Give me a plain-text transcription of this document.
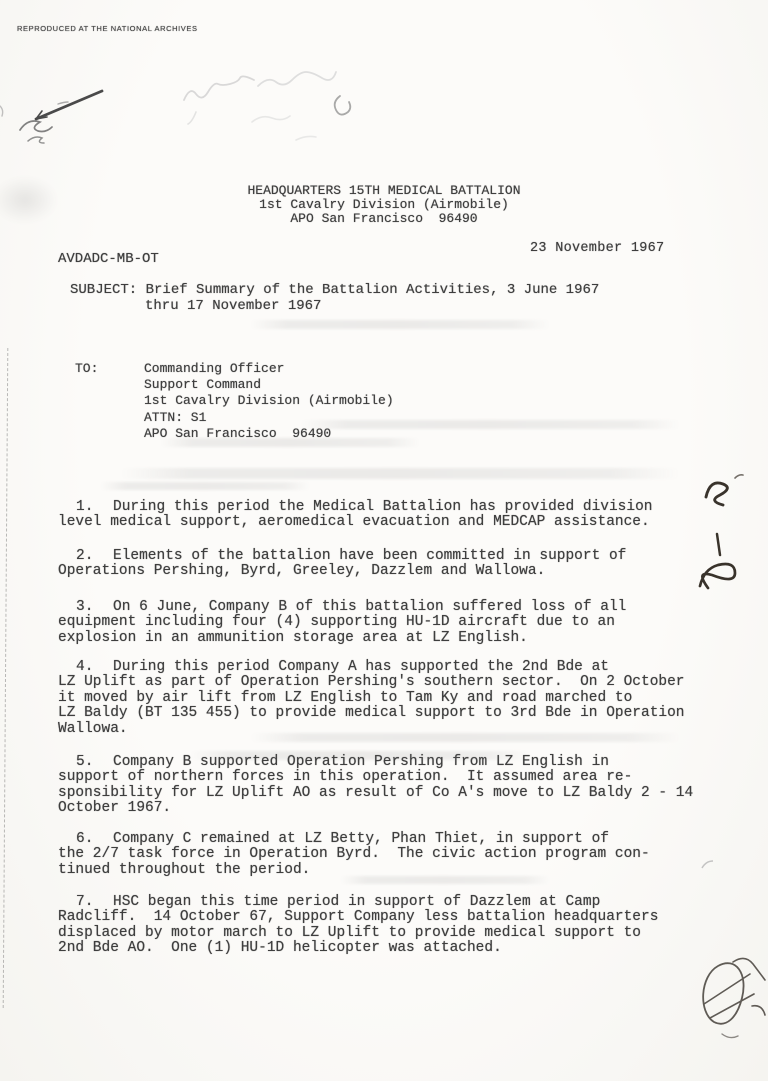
REPRODUCED AT THE NATIONAL ARCHIVES
HEADQUARTERS 15TH MEDICAL BATTALION
1st Cavalry Division (Airmobile)
APO San Francisco  96490
23 November 1967
AVDADC-MB-OT
SUBJECT: Brief Summary of the Battalion Activities, 3 June 1967
thru 17 November 1967
TO:	Commanding Officer
Support Command
1st Cavalry Division (Airmobile)
ATTN: S1
APO San Francisco  96490
1. During this period the Medical Battalion has provided division
level medical support, aeromedical evacuation and MEDCAP assistance.
2. Elements of the battalion have been committed in support of
Operations Pershing, Byrd, Greeley, Dazzlem and Wallowa.
3. On 6 June, Company B of this battalion suffered loss of all
equipment including four (4) supporting HU-1D aircraft due to an
explosion in an ammunition storage area at LZ English.
4. During this period Company A has supported the 2nd Bde at
LZ Uplift as part of Operation Pershing's southern sector.  On 2 October
it moved by air lift from LZ English to Tam Ky and road marched to
LZ Baldy (BT 135 455) to provide medical support to 3rd Bde in Operation
Wallowa.
5. Company B supported Operation Pershing from LZ English in
support of northern forces in this operation.  It assumed area re-
sponsibility for LZ Uplift AO as result of Co A's move to LZ Baldy 2 - 14
October 1967.
6. Company C remained at LZ Betty, Phan Thiet, in support of
the 2/7 task force in Operation Byrd.  The civic action program con-
tinued throughout the period.
7. HSC began this time period in support of Dazzlem at Camp
Radcliff.  14 October 67, Support Company less battalion headquarters
displaced by motor march to LZ Uplift to provide medical support to
2nd Bde AO.  One (1) HU-1D helicopter was attached.
